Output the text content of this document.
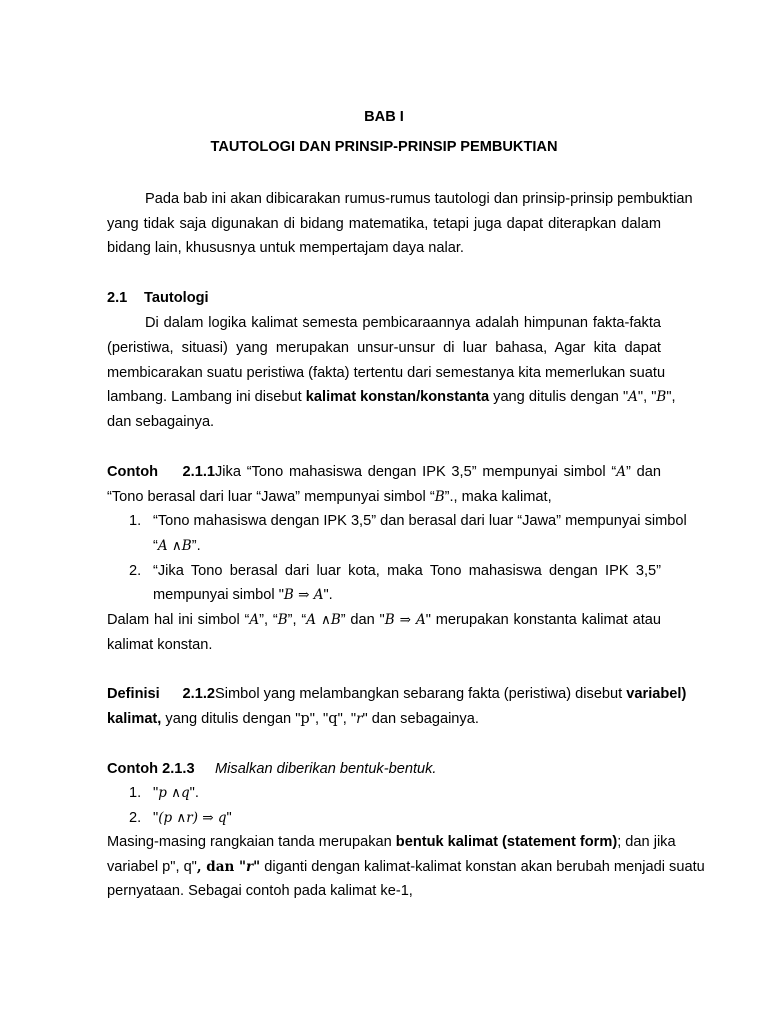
BAB I
TAUTOLOGI DAN PRINSIP-PRINSIP PEMBUKTIAN
Pada bab ini akan dibicarakan rumus-rumus tautologi dan prinsip-prinsip pembuktian
yang tidak saja digunakan di bidang matematika, tetapi juga dapat diterapkan dalam
bidang lain, khususnya untuk mempertajam daya nalar.
2.1 Tautologi
Di dalam logika kalimat semesta pembicaraannya adalah himpunan fakta-fakta
(peristiwa, situasi) yang merupakan unsur-unsur di luar bahasa, Agar kita dapat
membicarakan suatu peristiwa (fakta) tertentu dari semestanya kita memerlukan suatu
lambang. Lambang ini disebut kalimat konstan/konstanta yang ditulis dengan "A", "B",
dan sebagainya.
Contoh 2.1.1Jika “Tono mahasiswa dengan IPK 3,5” mempunyai simbol “A” dan
“Tono berasal dari luar “Jawa” mempunyai simbol “B”., maka kalimat,
1. “Tono mahasiswa dengan IPK 3,5” dan berasal dari luar “Jawa” mempunyai simbol
“A ∧B”.
2. “Jika Tono berasal dari luar kota, maka Tono mahasiswa dengan IPK 3,5”
mempunyai simbol "B ⇒ A".
Dalam hal ini simbol “A”, “B”, “A ∧B” dan "B ⇒ A" merupakan konstanta kalimat atau
kalimat konstan.
Definisi 2.1.2Simbol yang melambangkan sebarang fakta (peristiwa) disebut variabel)
kalimat, yang ditulis dengan "p", "q", "r" dan sebagainya.
Contoh 2.1.3 Misalkan diberikan bentuk-bentuk.
1. "p ∧q".
2. "(p ∧r) ⇒ q"
Masing-masing rangkaian tanda merupakan bentuk kalimat (statement form); dan jika
variabel p", q", dan "r" diganti dengan kalimat-kalimat konstan akan berubah menjadi suatu
pernyataan. Sebagai contoh pada kalimat ke-1,
